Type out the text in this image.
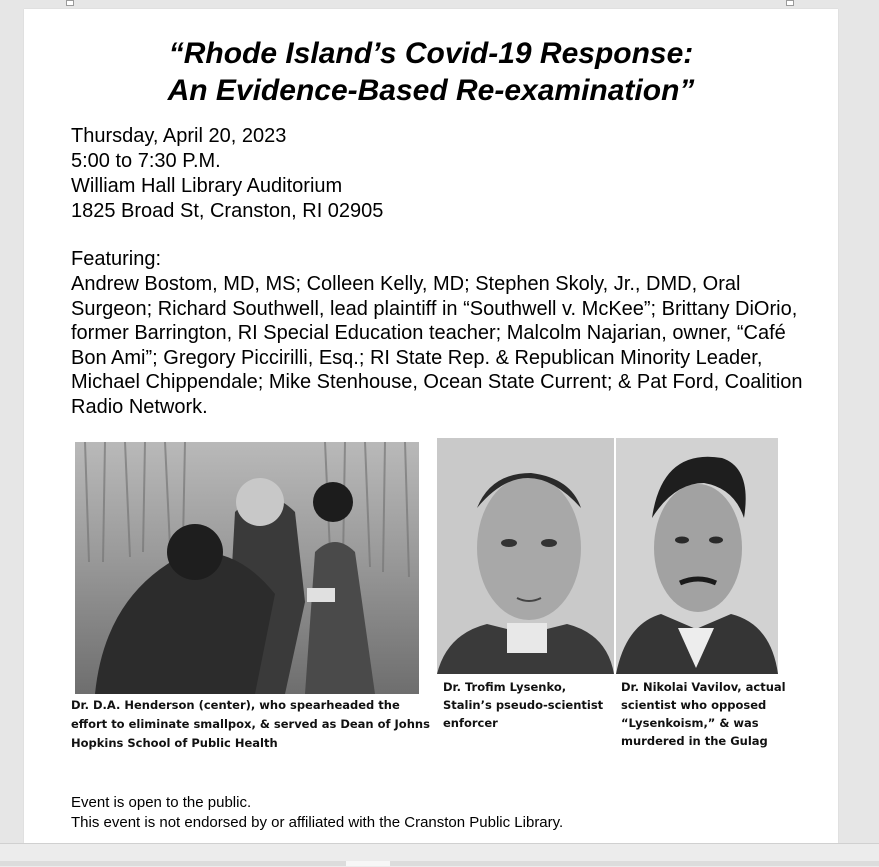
“Rhode Island’s Covid-19 Response:
An Evidence-Based Re-examination”
Thursday, April 20, 2023
5:00 to 7:30 P.M.
William Hall Library Auditorium
1825 Broad St, Cranston, RI 02905
Featuring:
Andrew Bostom, MD, MS; Colleen Kelly, MD; Stephen Skoly, Jr., DMD, Oral Surgeon; Richard Southwell, lead plaintiff in “Southwell v. McKee”; Brittany DiOrio, former Barrington, RI Special Education teacher; Malcolm Najarian, owner, “Café Bon Ami”; Gregory Piccirilli, Esq.; RI State Rep. & Republican Minority Leader, Michael Chippendale; Mike Stenhouse, Ocean State Current; & Pat Ford, Coalition Radio Network.
Dr. D.A. Henderson (center), who spearheaded the effort to eliminate smallpox, & served as Dean of Johns Hopkins School of Public Health
Dr. Trofim Lysenko, Stalin’s pseudo-scientist enforcer
Dr. Nikolai Vavilov, actual scientist who opposed “Lysenkoism,” & was murdered in the Gulag
Event is open to the public.
This event is not endorsed by or affiliated with the Cranston Public Library.
